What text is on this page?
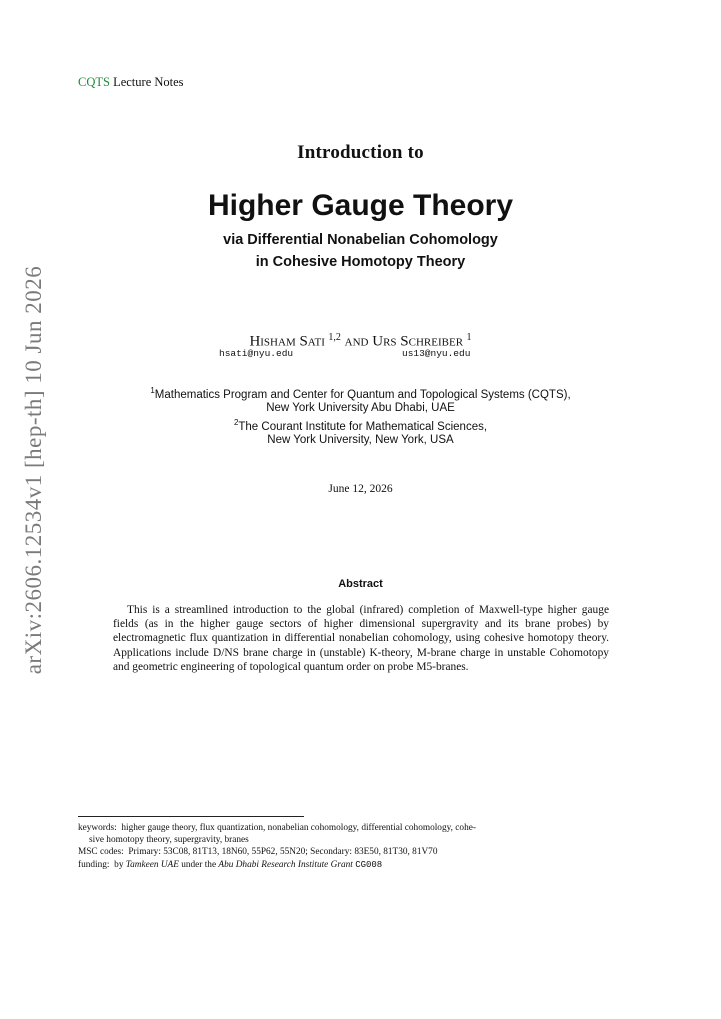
arXiv:2606.12534v1 [hep-th] 10 Jun 2026
CQTS Lecture Notes
Introduction to
Higher Gauge Theory
via Differential Nonabelian Cohomology
in Cohesive Homotopy Theory
Hisham Sati $^{1,2}$ and Urs Schreiber $^1$
hsati@nyu.edu	us13@nyu.edu
$^1$Mathematics Program and Center for Quantum and Topological Systems (CQTS),
New York University Abu Dhabi, UAE
$^2$The Courant Institute for Mathematical Sciences,
New York University, New York, USA
June 12, 2026
Abstract
This is a streamlined introduction to the global (infrared) completion of Maxwell-type higher gauge fields (as in the higher gauge sectors of higher dimensional supergravity and its brane probes) by electromagnetic flux quantization in differential nonabelian cohomology, using cohesive homotopy theory. Applications include D/NS brane charge in (unstable) K-theory, M-brane charge in unstable Cohomotopy and geometric engineering of topological quantum order on probe M5-branes.
keywords: higher gauge theory, flux quantization, nonabelian cohomology, differential cohomology, cohe-
sive homotopy theory, supergravity, branes
MSC codes: Primary: 53C08, 81T13, 18N60, 55P62, 55N20; Secondary: 83E50, 81T30, 81V70
funding: by Tamkeen UAE under the Abu Dhabi Research Institute Grant CG008
